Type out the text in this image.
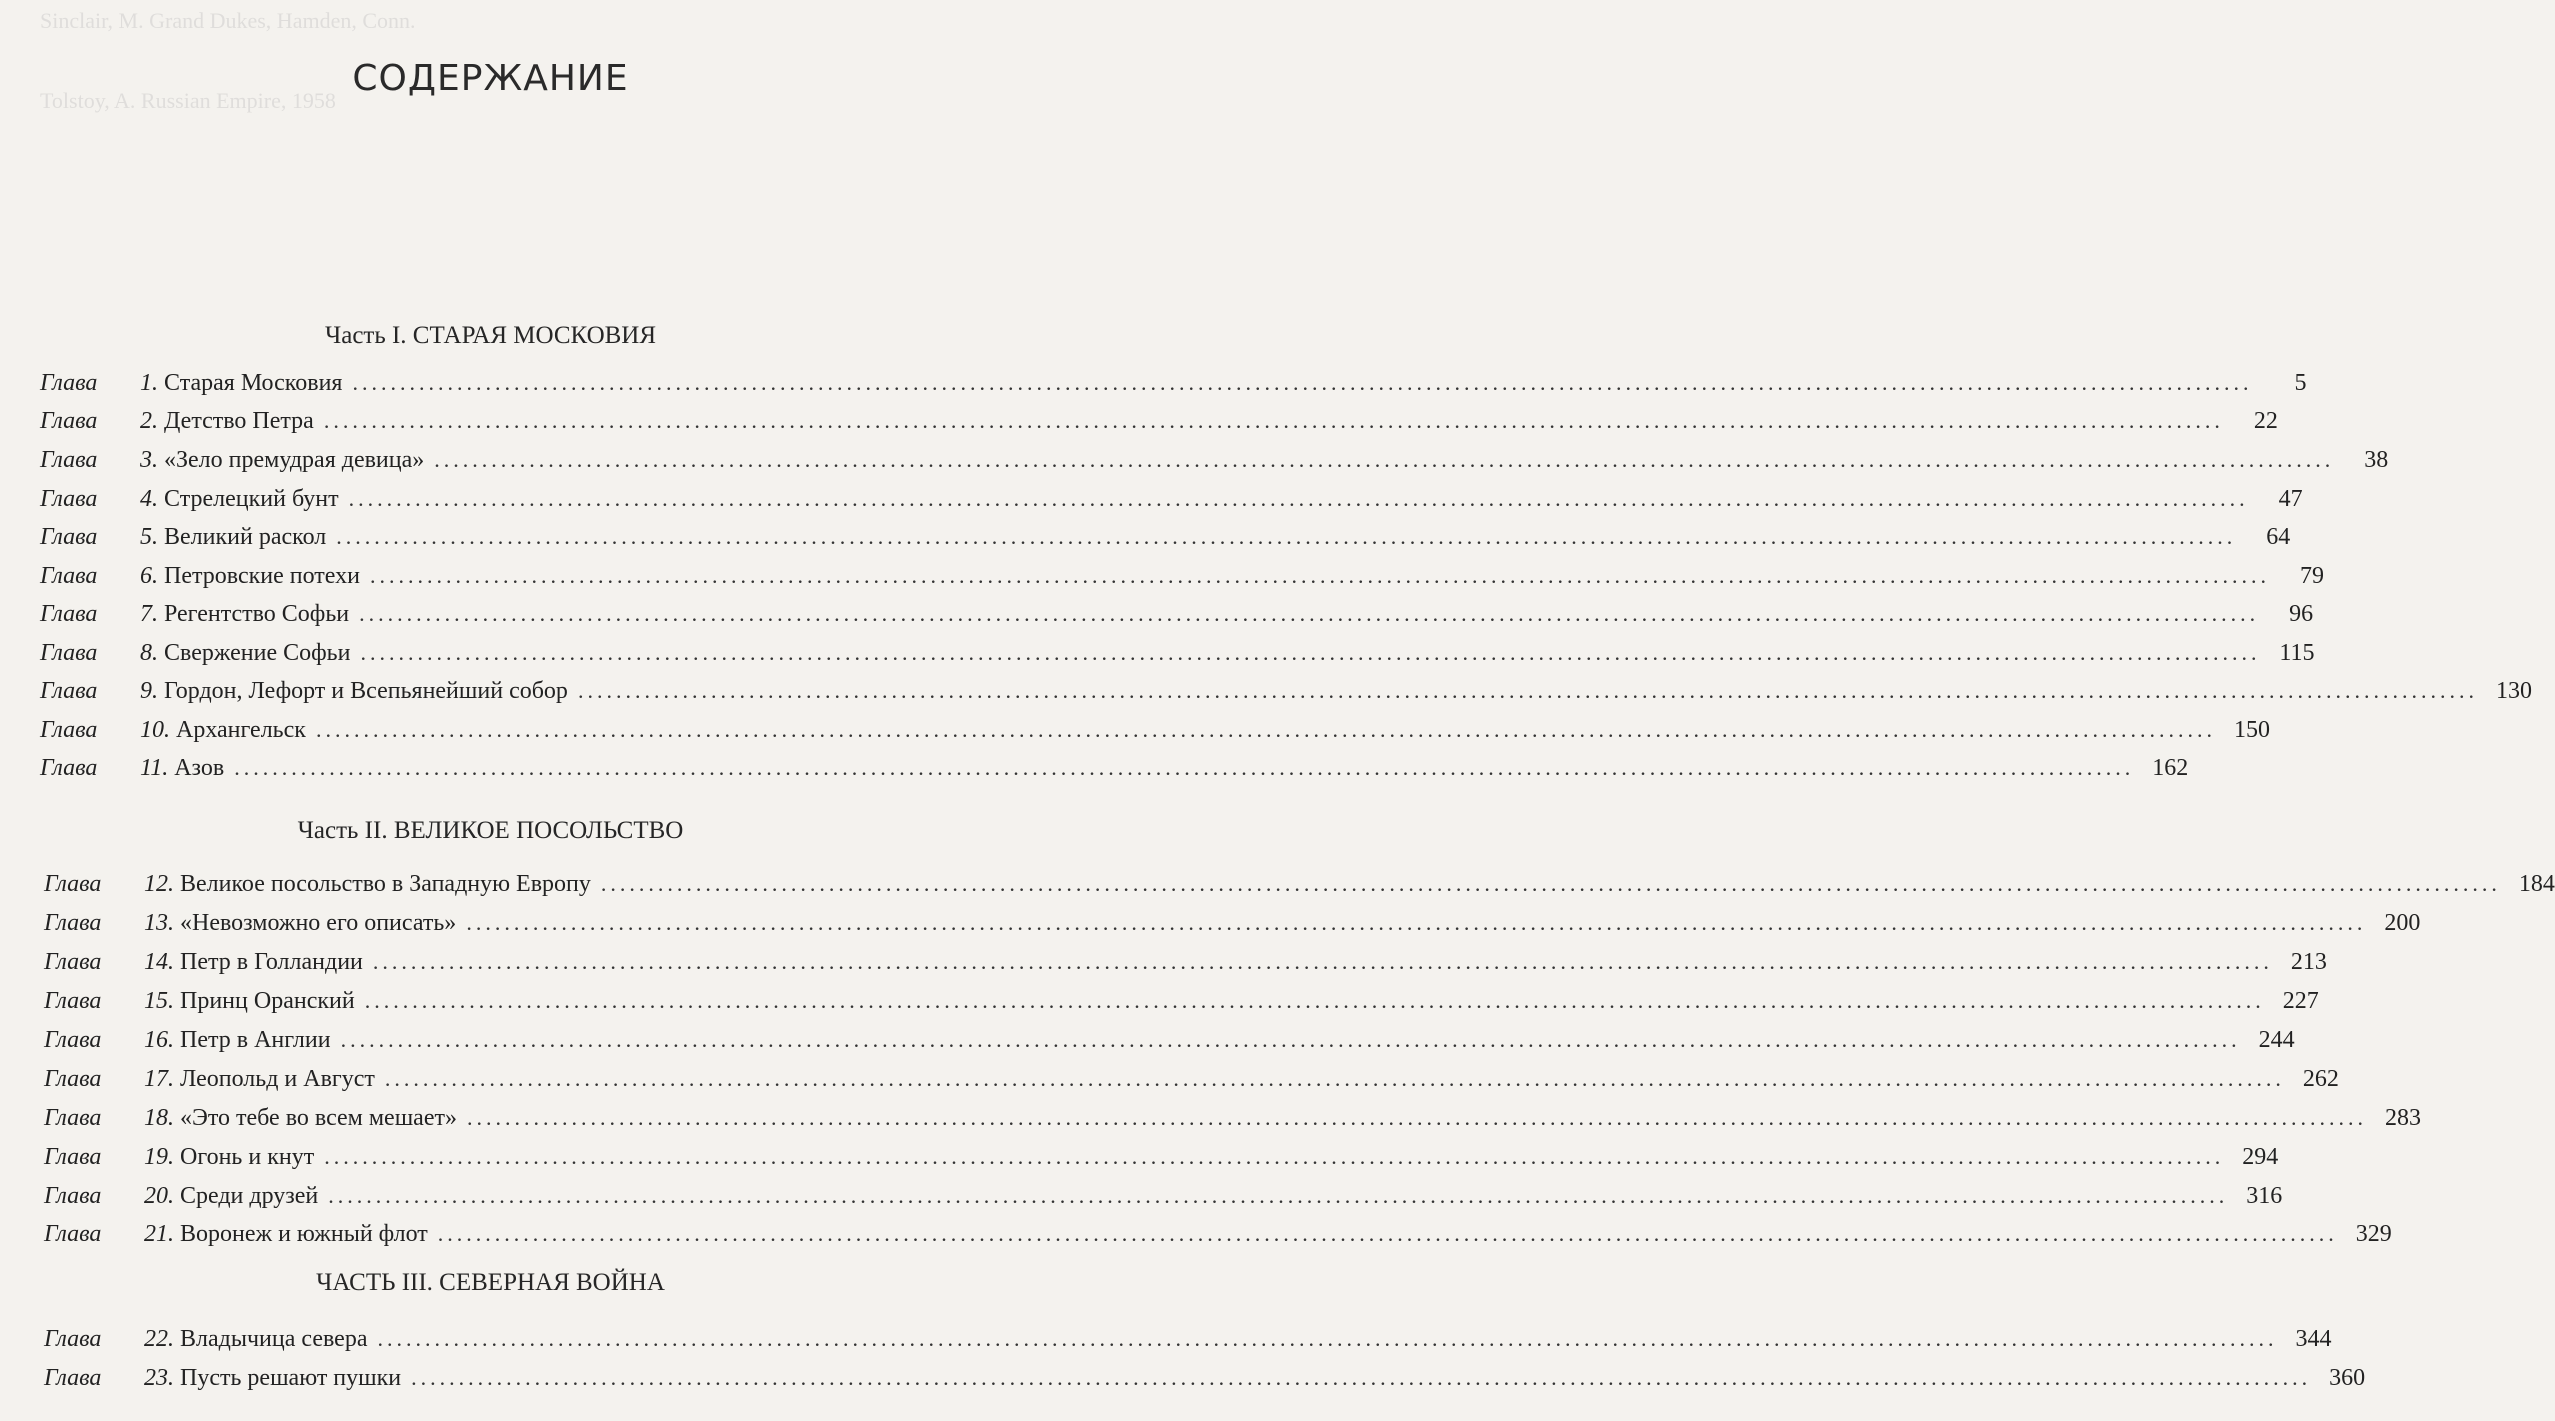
Sinclair, M. Grand Dukes, Hamden, Conn.
Tolstoy, A. Russian Empire, 1958
СОДЕРЖАНИЕ
Часть I. СТАРАЯ МОСКОВИЯ
Глава	1. Старая Московия ........................................................................................................................................................................................................	5
Глава	2. Детство Петра ........................................................................................................................................................................................................	22
Глава	3. «Зело премудрая девица» ........................................................................................................................................................................................................	38
Глава	4. Стрелецкий бунт ........................................................................................................................................................................................................	47
Глава	5. Великий раскол ........................................................................................................................................................................................................	64
Глава	6. Петровские потехи ........................................................................................................................................................................................................	79
Глава	7. Регентство Софьи ........................................................................................................................................................................................................	96
Глава	8. Свержение Софьи ........................................................................................................................................................................................................ 115
Глава	9. Гордон, Лефорт и Всепьянейший собор ........................................................................................................................................................................................................ 130
Глава	10. Архангельск ........................................................................................................................................................................................................ 150
Глава	11. Азов ........................................................................................................................................................................................................ 162
Часть II. ВЕЛИКОЕ ПОСОЛЬСТВО
Глава	12. Великое посольство в Западную Европу ........................................................................................................................................................................................................ 184
Глава	13. «Невозможно его описать» ........................................................................................................................................................................................................ 200
Глава	14. Петр в Голландии ........................................................................................................................................................................................................ 213
Глава	15. Принц Оранский ........................................................................................................................................................................................................ 227
Глава	16. Петр в Англии ........................................................................................................................................................................................................ 244
Глава	17. Леопольд и Август ........................................................................................................................................................................................................ 262
Глава	18. «Это тебе во всем мешает» ........................................................................................................................................................................................................ 283
Глава	19. Огонь и кнут ........................................................................................................................................................................................................ 294
Глава	20. Среди друзей ........................................................................................................................................................................................................ 316
Глава	21. Воронеж и южный флот ........................................................................................................................................................................................................ 329
ЧАСТЬ III. СЕВЕРНАЯ ВОЙНА
Глава	22. Владычица севера ........................................................................................................................................................................................................ 344
Глава	23. Пусть решают пушки ........................................................................................................................................................................................................ 360
